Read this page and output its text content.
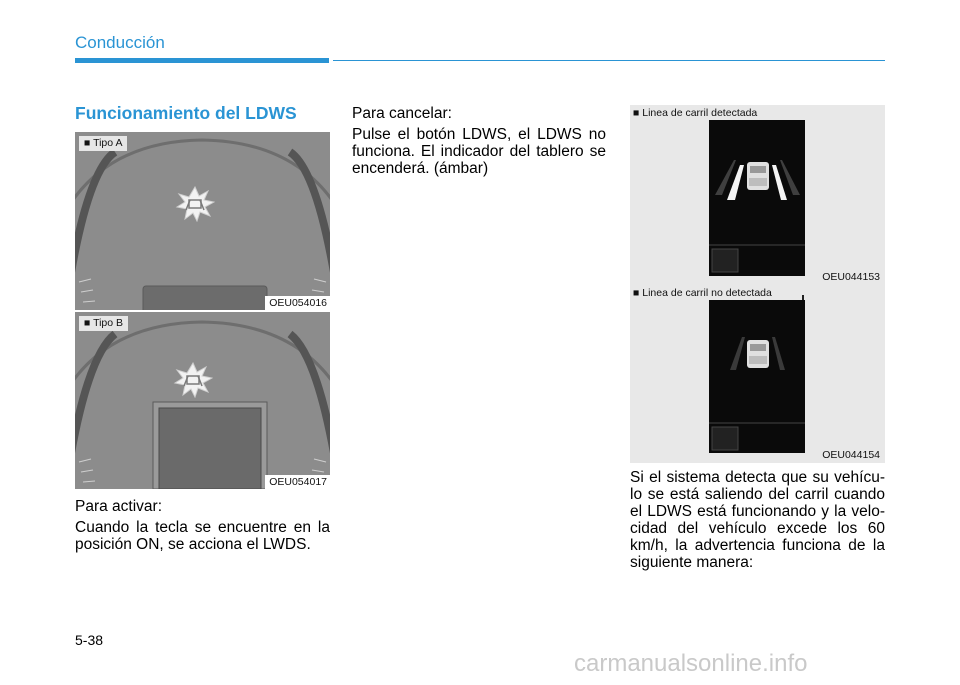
Conducción
Funcionamiento del LDWS
■ Tipo A
OEU054016
■ Tipo B
OEU054017
Para activar:
Cuando la tecla se encuentre en la posición ON, se acciona el LWDS.
Para cancelar:
Pulse el botón LDWS, el LDWS no funciona. El indicador del tablero se encenderá. (ámbar)
■ Linea de carril detectada
OEU044153
■ Linea de carril no detectada
OEU044154
Si el sistema detecta que su vehícu-lo se está saliendo del carril cuando el LDWS está funcionando y la velo-cidad del vehículo excede los 60 km/h, la advertencia funciona de la siguiente manera:
5-38
carmanualsonline.info
